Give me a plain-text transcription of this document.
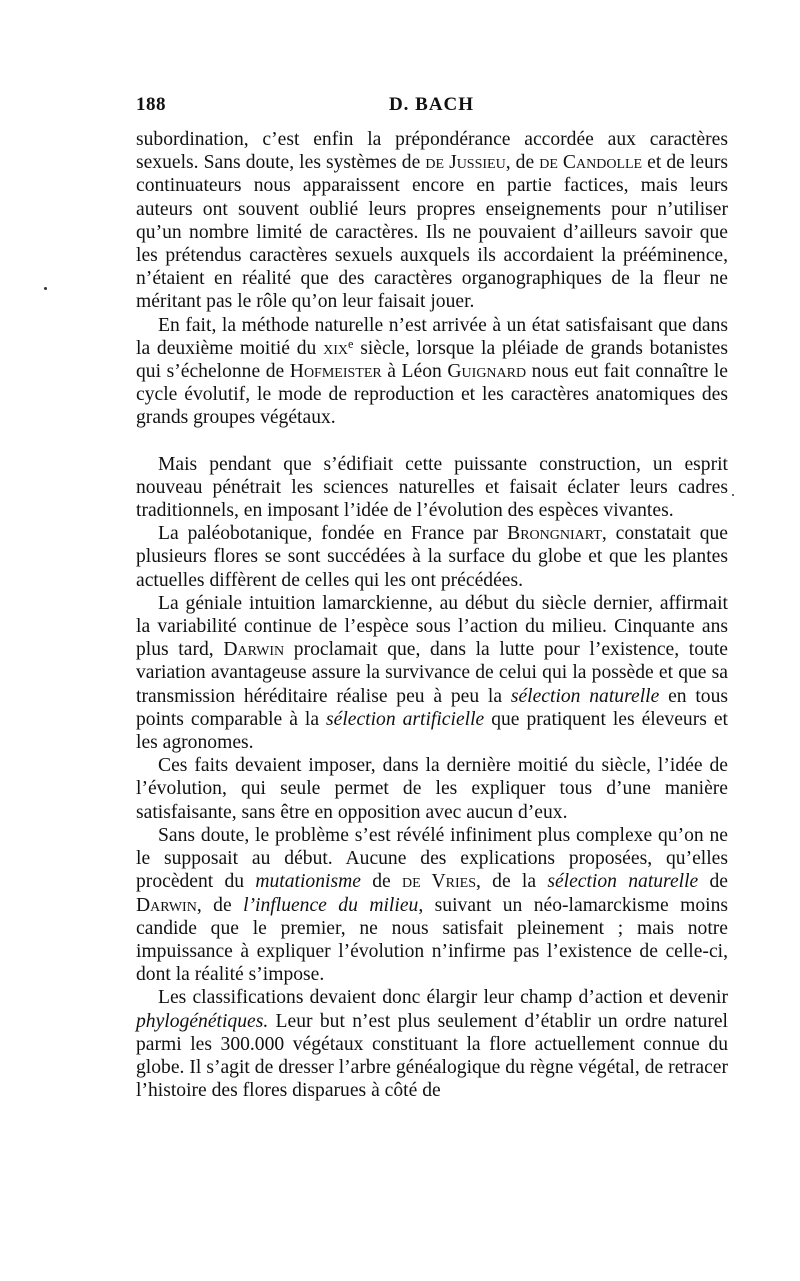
188	D. BACH

subordination, c’est enfin la prépondérance accordée aux caractères sexuels. Sans doute, les systèmes de de Jussieu, de de Candolle et de leurs continuateurs nous apparaissent encore en partie factices, mais leurs auteurs ont souvent oublié leurs propres enseignements pour n’utiliser qu’un nombre limité de caractères. Ils ne pouvaient d’ailleurs savoir que les prétendus caractères sexuels auxquels ils accordaient la prééminence, n’étaient en réalité que des caractères organographiques de la fleur ne méritant pas le rôle qu’on leur faisait jouer.

En fait, la méthode naturelle n’est arrivée à un état satisfaisant que dans la deuxième moitié du xix$^e$ siècle, lorsque la pléiade de grands botanistes qui s’échelonne de Hofmeister à Léon Guignard nous eut fait connaître le cycle évolutif, le mode de reproduction et les caractères anatomiques des grands groupes végétaux.

Mais pendant que s’édifiait cette puissante construction, un esprit nouveau pénétrait les sciences naturelles et faisait éclater leurs cadres traditionnels, en imposant l’idée de l’évolution des espèces vivantes.

La paléobotanique, fondée en France par Brongniart, constatait que plusieurs flores se sont succédées à la surface du globe et que les plantes actuelles diffèrent de celles qui les ont précédées.

La géniale intuition lamarckienne, au début du siècle dernier, affirmait la variabilité continue de l’espèce sous l’action du milieu. Cinquante ans plus tard, Darwin proclamait que, dans la lutte pour l’existence, toute variation avantageuse assure la survivance de celui qui la possède et que sa transmission héréditaire réalise peu à peu la sélection naturelle en tous points comparable à la sélection artificielle que pratiquent les éleveurs et les agronomes.

Ces faits devaient imposer, dans la dernière moitié du siècle, l’idée de l’évolution, qui seule permet de les expliquer tous d’une manière satisfaisante, sans être en opposition avec aucun d’eux.

Sans doute, le problème s’est révélé infiniment plus complexe qu’on ne le supposait au début. Aucune des explications proposées, qu’elles procèdent du mutationisme de de Vries, de la sélection naturelle de Darwin, de l’influence du milieu, suivant un néo-lamarckisme moins candide que le premier, ne nous satisfait pleinement ; mais notre impuissance à expliquer l’évolution n’infirme pas l’existence de celle-ci, dont la réalité s’impose.

Les classifications devaient donc élargir leur champ d’action et devenir phylogénétiques. Leur but n’est plus seulement d’établir un ordre naturel parmi les 300.000 végétaux constituant la flore actuellement connue du globe. Il s’agit de dresser l’arbre généalogique du règne végétal, de retracer l’histoire des flores disparues à côté de
